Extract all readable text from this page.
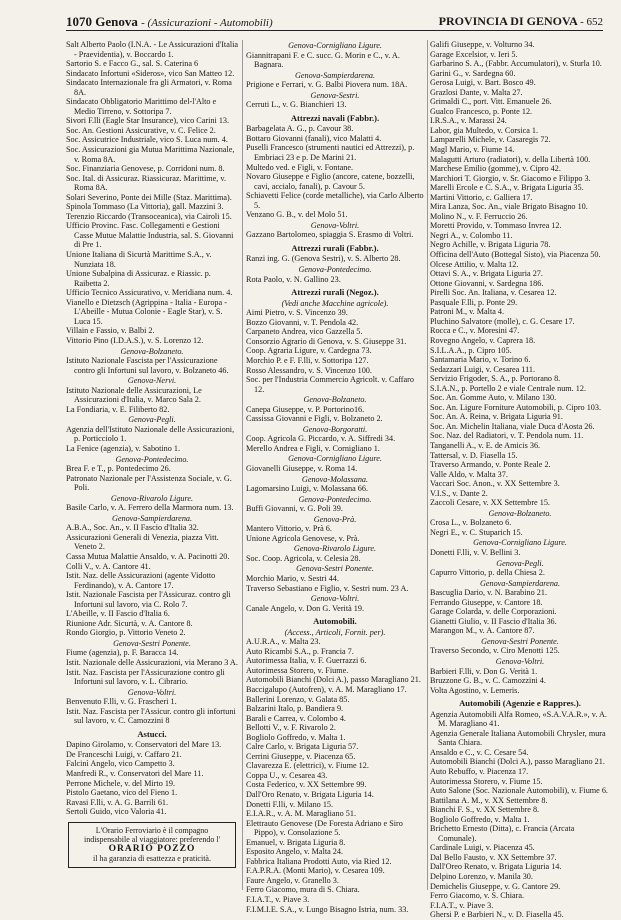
1070 Genova - (Assicurazioni - Automobili)	PROVINCIA DI GENOVA - 652
Salt Alberto Paolo (I.N.A. - Le Assicurazioni d'Italia - Praevidentia), v. Boccardo 1.
Sartorio S. e Facco G., sal. S. Caterina 6
Sindacato Infortuni «Sideros», vico San Matteo 12.
Sindacato Internazionale fra gli Armatori, v. Roma 8A.
Sindacato Obbligatorio Marittimo del-l'Alto e Medio Tirreno, v. Sottoripa 7.
Sivori F.lli (Eagle Star Insurance), vico Carini 13.
Soc. An. Gestioni Assicurative, v. C. Felice 2.
Soc. Assicutrice Industriale, vico S. Luca num. 4.
Soc. Assicurazioni gia Mutua Marittima Nazionale, v. Roma 8A.
Soc. Finanziaria Genovese, p. Corridoni num. 8.
Soc. Ital. di Assicuraz. Riassicuraz. Marittime, v. Roma 8A.
Solari Severino, Ponte dei Mille (Staz. Marittima).
Spinola Tommaso (La Vittoria), gall. Mazzini 3.
Terenzio Riccardo (Transoceanica), via Cairoli 15.
Ufficio Provinc. Fasc. Collegamenti e Gestioni Casse Mutue Malattie Industria, sal. S. Giovanni di Pre 1.
Unione Italiana di Sicurtà Marittime S.A., v. Nunziata 18.
Unione Subalpina di Assicuraz. e Riassic. p. Raibetta 2.
Ufficio Tecnico Assicurativo, v. Meridiana num. 4.
Vianello e Dietzsch (Agrippina - Italia - Europa - L'Abeille - Mutua Colonie - Eagle Star), v. S. Luca 15.
Villain e Fassio, v. Balbi 2.
Vittorio Pino (I.D.A.S.), v. S. Lorenzo 12.
Genova-Bolzaneto.
Istituto Nazionale Fascista per l'Assicurazione contro gli Infortuni sul lavoro, v. Bolzaneto 46.
Genova-Nervi.
Istituto Nazionale delle Assicurazioni, Le Assicurazioni d'Italia, v. Marco Sala 2.
La Fondiaria, v. E. Filiberto 82.
Genova-Pegli.
Agenzia dell'Istituto Nazionale delle Assicurazioni, p. Porticciolo 1.
La Fenice (agenzia), v. Sabotino 1.
Genova-Pontedecimo.
Brea F. e T., p. Pontedecimo 26.
Patronato Nazionale per l'Assistenza Sociale, v. G. Poli.
Genova-Rivarolo Ligure.
Basile Carlo, v. A. Ferrero della Marmora num. 13.
Genova-Sampierdarena.
A.B.A., Soc. An., v. II Fascio d'Italia 32.
Assicurazioni Generali di Venezia, piazza Vitt. Veneto 2.
Cassa Mutua Malattie Ansaldo, v. A. Pacinotti 20.
Colli V., v. A. Cantore 41.
Istit. Naz. delle Assicurazioni (agente Vidotto Ferdinando), v. A. Cantore 17.
Istit. Nazionale Fascista per l'Assicuraz. contro gli Infortuni sul lavoro, via C. Rolo 7.
L'Abeille, v. II Fascio d'Italia 6.
Riunione Adr. Sicurtà, v. A. Cantore 8.
Rondo Giorgio, p. Vittorio Veneto 2.
Genova-Sestri Ponente.
Fiume (agenzia), p. F. Baracca 14.
Istit. Nazionale delle Assicurazioni, via Merano 3 A.
Istit. Naz. Fascista per l'Assicurazione contro gli Infortuni sul lavoro, v. L. Cibrario.
Genova-Voltri.
Benvenuto F.lli, v. G. Frascheri 1.
Istit. Naz. Fascista per l'Assicur. contro gli infortuni sul lavoro, v. C. Camozzini 8
Astucci.
Dapino Girolamo, v. Conservatori del Mare 13.
De Franceschi Luigi, v. Caffaro 21.
Falcinì Angelo, vico Campetto 3.
Manfredi R., v. Conservatori del Mare 11.
Perrone Michele, v. del Mirto 19.
Pistolo Gaetano, vico del Fieno 1.
Ravasi F.lli, v. A. G. Barrili 61.
Sertoli Guido, vico Valoria 41.
L'Orario Ferroviario è il compagno indispensabile al viaggiatore: preferendo l'
ORARIO POZZO
il ha garanzia di esattezza e praticità.
Genova-Cornigliano Ligure.
Giannitrapani F. e C. succ. G. Morin e C., v. A. Bagnara.
Genova-Sampierdarena.
Prigione e Ferrari, v. G. Balbi Piovera num. 18A.
Genova-Sestri.
Cerruti L., v. G. Bianchieri 13.
Attrezzi navali (Fabbr.).
Barbagelata A. G., p. Cavour 38.
Bottaro Giovanni (fanali), vico Malatti 4.
Puselli Francesco (strumenti nautici ed Attrezzi), p. Embriaci 23 e p. De Marini 21.
Multedo ved. e Figli, v. Fontane.
Novaro Giuseppe e Figlio (ancore, catene, bozzelli, cavi, accialo, fanali), p. Cavour 5.
Schiavetti Felice (corde metalliche), via Carlo Alberto 5.
Venzano G. B., v. del Molo 51.
Genova-Voltri.
Gazzano Bartolomeo, spiaggia S. Erasmo di Voltri.
Attrezzi rurali (Fabbr.).
Ranzi ing. G. (Genova Sestri), v. S. Alberto 28.
Genova-Pontedecimo.
Rota Paolo, v. N. Gallino 23.
Attrezzi rurali (Negoz.).
(Vedi anche Macchine agricole).
Aimi Pietro, v. S. Vincenzo 39.
Bozzo Giovanni, v. T. Pendola 42.
Carpaneto Andrea, vico Gazzella 5.
Consorzio Agrario di Genova, v. S. Giuseppe 31.
Coop. Agraria Ligure, v. Cardegna 73.
Morchio P. e F. F.lli, v. Sottoripa 127.
Rosso Alessandro, v. S. Vincenzo 100.
Soc. per l'Industria Commercio Agricolt. v. Caffaro 12.
Genova-Bolzaneto.
Canepa Giuseppe, v. P. Portorino16.
Cassissa Giovanni e Figli, v. Bolzaneto 2.
Genova-Borgoratti.
Coop. Agricola G. Piccardo, v. A. Siffredi 34.
Merello Andrea e Figli, v. Cornigliano 1.
Genova-Cornigliano Ligure.
Giovanelli Giuseppe, v. Roma 14.
Genova-Molassana.
Lagomarsino Luigi, v. Molassana 66.
Genova-Pontedecimo.
Buffi Giovanni, v. G. Poli 39.
Genova-Prà.
Mantero Vittorio, v. Prà 6.
Unione Agricola Genovese, v. Prà.
Genova-Rivarolo Ligure.
Soc. Coop. Agricola, v. Celesia 28.
Genova-Sestri Ponente.
Morchio Mario, v. Sestri 44.
Traverso Sebastiano e Figlio, v. Sestri num. 23 A.
Genova-Voltri.
Canale Angelo, v. Don G. Verità 19.
Automobili.
(Access., Articoli, Fornit. per).
A.U.R.A., v. Malta 23.
Auto Ricambi S.A., p. Francia 7.
Autorimessa Italia, v. F. Guerrazzi 6.
Autorimessa Storero, v. Fiume.
Automobili Bianchi (Dolci A.), passo Maragliano 21.
Baccigalupo (Autofren), v. A. M. Maragliano 17.
Ballerini Lorenzo, v. Galata 85.
Balzarini Italo, p. Bandiera 9.
Barali e Carrea, v. Colombo 4.
Bellotti V., v. F. Rivarolo 2.
Bogliolo Goffredo, v. Malta 1.
Calre Carlo, v. Brigata Liguria 57.
Cerrini Giuseppe, v. Piacenza 65.
Clavarezza E. (elettrici), v. Fiume 12.
Coppa U., v. Cesarea 43.
Costa Federico, v. XX Settembre 99.
Dall'Oro Renato, v. Brigata Liguria 14.
Donetti F.lli, v. Milano 15.
E.I.A.R., v. A. M. Maragliano 51.
Elettrauto Genovese (De Foresta Adriano e Siro Pippo), v. Consolazione 5.
Emanuel, v. Brigata Liguria 8.
Esposito Angelo, v. Malta 24.
Fabbrica Italiana Prodotti Auto, via Ried 12.
F.A.P.R.A. (Monti Mario), v. Cesarea 109.
Faure Angelo, v. Granello 3.
Ferro Giacomo, mura di S. Chiara.
F.I.A.T., v. Piave 3.
F.I.M.I.E. S.A., v. Lungo Bisagno Istria, num. 33.
Galifi Giuseppe, v. Volturno 34.
Garage Excelsior, v. Ieri 5.
Garbarino S. A., (Fabbr. Accumulatori), v. Sturla 10.
Garini G., v. Sardegna 60.
Gerosa Luigi, v. Bart. Bosco 49.
Grazlosi Dante, v. Malta 27.
Grimaldi C., port. Vitt. Emanuele 26.
Gualco Francesco, p. Ponte 12.
I.R.S.A., v. Marassi 24.
Labor, gia Multedo, v. Corsica 1.
Lamparelli Michele, v. Casaregis 72.
Magl Mario, v. Fiume 14.
Malagutti Arturo (radiatori), v. della Libertà 100.
Marchese Emilio (gomme), v. Cipro 42.
Marchiori T. Giorgio, v. Sr. Giacomo e Filippo 3.
Marelli Ercole e C. S.A., v. Brigata Liguria 35.
Martini Vittorio, c. Galliera 17.
Mira Lanza, Soc. An., viale Brigato Bisagno 10.
Molino N., v. F. Ferruccio 26.
Moretti Provido, v. Tommaso Invrea 12.
Negri A., v. Colombo 11.
Negro Achille, v. Brigata Liguria 78.
Officina dell'Auto (Bottegal Sisto), via Piacenza 50.
Olcese Attilio, v. Malta 12.
Ottavi S. A., v. Brigata Liguria 27.
Ottone Giovanni, v. Sardegna 186.
Pirelli Soc. An. Italiana, v. Cesarea 12.
Pasquale F.lli, p. Ponte 29.
Patroni M., v. Malta 4.
Pluchino Salvatore (molle), c. G. Cesare 17.
Rocca e C., v. Moresini 47.
Rovegno Angelo, v. Caprera 18.
S.I.L.A.A., p. Cipro 105.
Santamaria Mario, v. Torino 6.
Sedazzari Luigi, v. Cesarea 111.
Servizio Frigoder, S. A., p. Portorano 8.
S.I.A.N., p. Portello 2 e viale Centrale num. 12.
Soc. An. Gomme Auto, v. Milano 130.
Soc. An. Ligure Forniture Automobili, p. Cipro 103.
Soc. An. A. Reina, v. Brigata Liguria 91.
Soc. An. Michelin Italiana, viale Duca d'Aosta 26.
Soc. Naz. del Radiatori, v. T. Pendola num. 11.
Tanganelli A., v. E. de Amicis 36.
Tattersal, v. D. Fiasella 15.
Traverso Armando, v. Ponte Reale 2.
Valle Aldo, v. Malta 37.
Vaccari Soc. Anon., v. XX Settembre 3.
V.I.S., v. Dante 2.
Zaccoli Cesare, v. XX Settembre 15.
Genova-Bolzaneto.
Crosa L., v. Bolzaneto 6.
Negri E., v. C. Stuparich 15.
Genova-Cornigliano Ligure.
Donetti F.lli, v. V. Bellini 3.
Genova-Pegli.
Capurro Vittorio, p. della Chiesa 2.
Genova-Sampierdarena.
Bascuglia Dario, v. N. Barabino 21.
Ferrando Giuseppe, v. Cantore 18.
Garage Colarda, v. delle Corporazioni.
Gianetti Giulio, v. II Fascio d'Italia 36.
Marangon M., v. A. Cantore 87.
Genova-Sestri Ponente.
Traverso Secondo, v. Ciro Menotti 125.
Genova-Voltri.
Barbieri F.lli, v. Don G. Verità 1.
Bruzzone G. B., v. C. Camozzini 4.
Volta Agostino, v. Lemeris.
Automobili (Agenzie e Rappres.).
Agenzia Automobili Alfa Romeo, «S.A.V.A.R.», v. A. M. Maragliano 41.
Agenzia Generale Italiana Automobili Chrysler, mura Santa Chiara.
Ansaldo e C., v. C. Cesare 54.
Automobili Bianchi (Dolci A.), passo Maragliano 21.
Auto Rebuffo, v. Piacenza 17.
Autorimessa Storero, v. Fiume 15.
Auto Salone (Soc. Nazionale Automobili), v. Fiume 6.
Battilana A. M., v. XX Settembre 8.
Bianchi F. S., v. XX Settembre 8.
Bogliolo Goffredo, v. Malta 1.
Brichetto Ernesto (Ditta), c. Francia (Arcata Comunale).
Cardinale Luigi, v. Piacenza 45.
Dal Bello Fausto, v. XX Settembre 37.
Dall'Oreo Renato, v. Brigata Liguria 14.
Delpino Lorenzo, v. Manila 30.
Demichelis Giuseppe, v. G. Cantore 29.
Ferro Giacomo, v. S. Chiara.
F.I.A.T., v. Piave 3.
Ghersi P. e Barbieri N., v. D. Fiasella 45.
